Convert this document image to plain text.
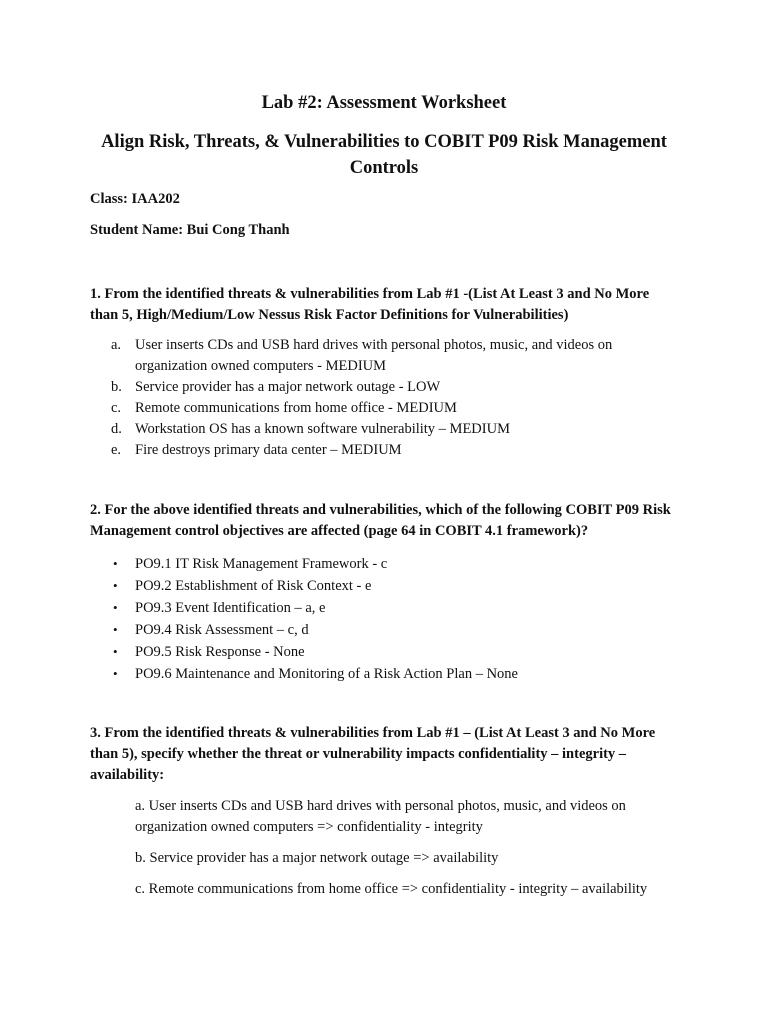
Lab #2: Assessment Worksheet
Align Risk, Threats, & Vulnerabilities to COBIT P09 Risk Management Controls
Class: IAA202
Student Name: Bui Cong Thanh
1. From the identified threats & vulnerabilities from Lab #1 -(List At Least 3 and No More than 5, High/Medium/Low Nessus Risk Factor Definitions for Vulnerabilities)
a. User inserts CDs and USB hard drives with personal photos, music, and videos on organization owned computers - MEDIUM
b. Service provider has a major network outage - LOW
c. Remote communications from home office - MEDIUM
d. Workstation OS has a known software vulnerability – MEDIUM
e. Fire destroys primary data center – MEDIUM
2. For the above identified threats and vulnerabilities, which of the following COBIT P09 Risk Management control objectives are affected (page 64 in COBIT 4.1 framework)?
• PO9.1 IT Risk Management Framework - c
• PO9.2 Establishment of Risk Context - e
• PO9.3 Event Identification – a, e
• PO9.4 Risk Assessment – c, d
• PO9.5 Risk Response - None
• PO9.6 Maintenance and Monitoring of a Risk Action Plan – None
3. From the identified threats & vulnerabilities from Lab #1 – (List At Least 3 and No More than 5), specify whether the threat or vulnerability impacts confidentiality – integrity – availability:

a. User inserts CDs and USB hard drives with personal photos, music, and videos on organization owned computers => confidentiality - integrity

b. Service provider has a major network outage => availability

c. Remote communications from home office => confidentiality - integrity – availability
